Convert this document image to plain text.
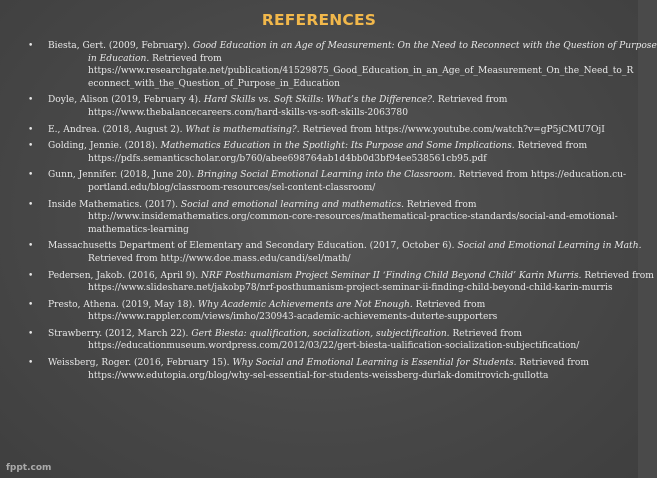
REFERENCES
• Biesta, Gert. (2009, February). Good Education in an Age of Measurement: On the Need to Reconnect with the Question of Purpose
in Education. Retrieved from
https://www.researchgate.net/publication/41529875_Good_Education_in_an_Age_of_Measurement_On_the_Need_to_R
econnect_with_the_Question_of_Purpose_in_Education
• Doyle, Alison (2019, February 4). Hard Skills vs. Soft Skills: What’s the Difference?. Retrieved from
https://www.thebalancecareers.com/hard-skills-vs-soft-skills-2063780
• E., Andrea. (2018, August 2). What is mathematising?. Retrieved from https://www.youtube.com/watch?v=gP5jCMU7OjI
• Golding, Jennie. (2018). Mathematics Education in the Spotlight: Its Purpose and Some Implications. Retrieved from
https://pdfs.semanticscholar.org/b760/abee698764ab1d4bb0d3bf94ee538561cb95.pdf
• Gunn, Jennifer. (2018, June 20). Bringing Social Emotional Learning into the Classroom. Retrieved from https://education.cu-
portland.edu/blog/classroom-resources/sel-content-classroom/
• Inside Mathematics. (2017). Social and emotional learning and mathematics. Retrieved from
http://www.insidemathematics.org/common-core-resources/mathematical-practice-standards/social-and-emotional-
mathematics-learning
• Massachusetts Department of Elementary and Secondary Education. (2017, October 6). Social and Emotional Learning in Math.
Retrieved from http://www.doe.mass.edu/candi/sel/math/
• Pedersen, Jakob. (2016, April 9). NRF Posthumanism Project Seminar II ‘Finding Child Beyond Child’ Karin Murris. Retrieved from
https://www.slideshare.net/jakobp78/nrf-posthumanism-project-seminar-ii-finding-child-beyond-child-karin-murris
• Presto, Athena. (2019, May 18). Why Academic Achievements are Not Enough. Retrieved from
https://www.rappler.com/views/imho/230943-academic-achievements-duterte-supporters
• Strawberry. (2012, March 22). Gert Biesta: qualification, socialization, subjectification. Retrieved from
https://educationmuseum.wordpress.com/2012/03/22/gert-biesta-ualification-socialization-subjectification/
• Weissberg, Roger. (2016, February 15). Why Social and Emotional Learning is Essential for Students. Retrieved from
https://www.edutopia.org/blog/why-sel-essential-for-students-weissberg-durlak-domitrovich-gullotta
fppt.com
